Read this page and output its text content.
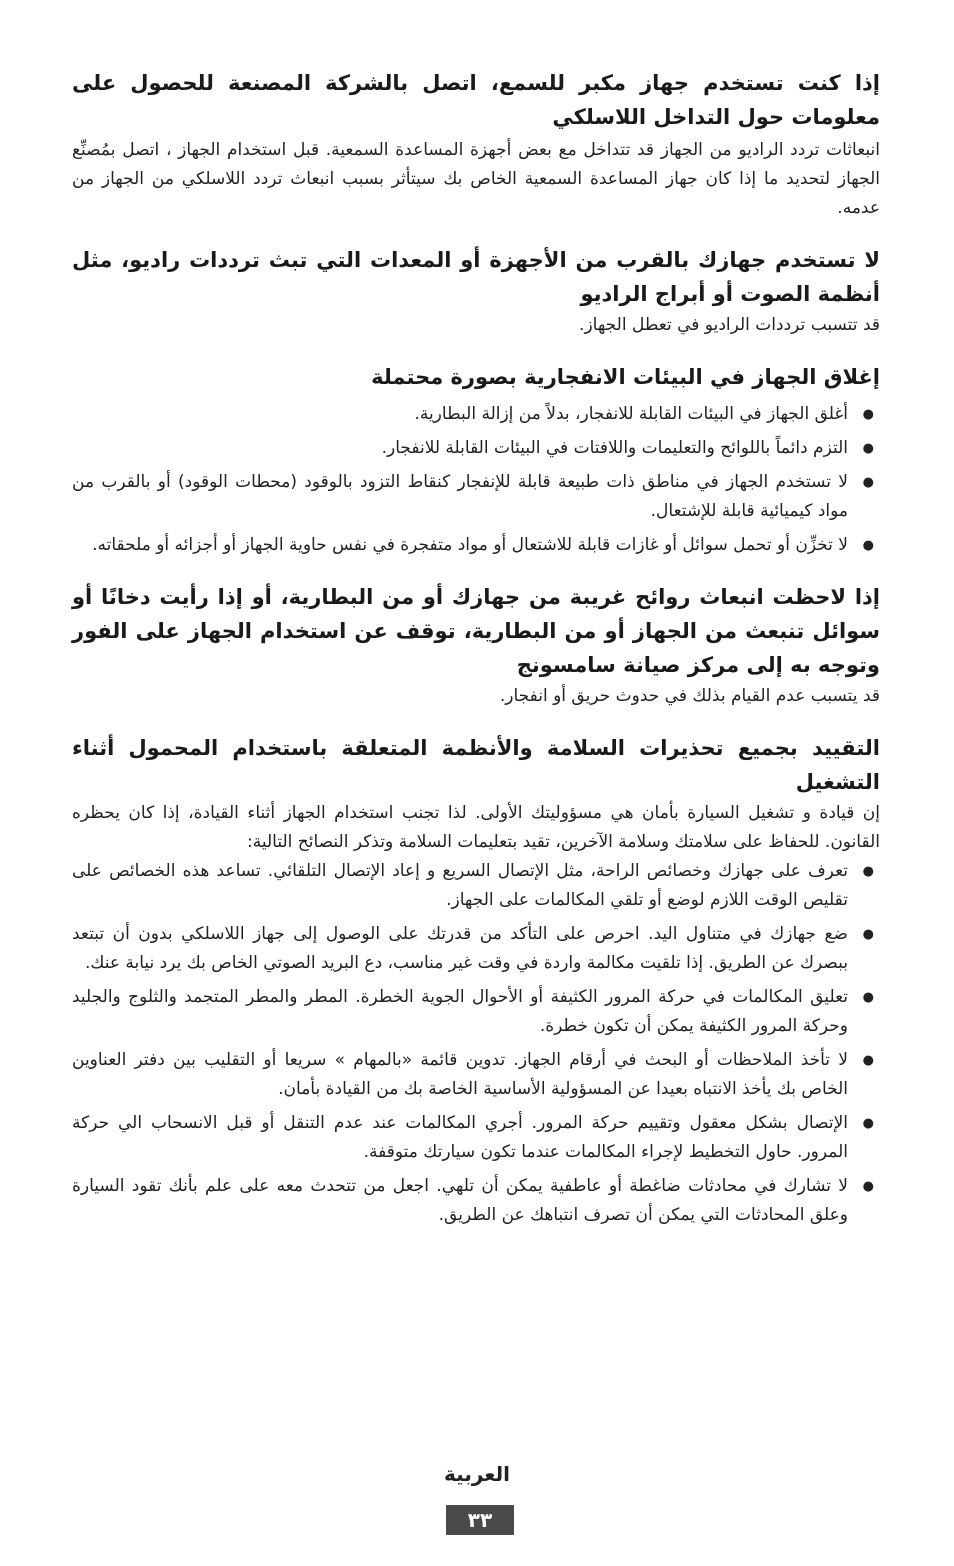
إذا كنت تستخدم جهاز مكبر للسمع، اتصل بالشركة المصنعة للحصول على معلومات حول التداخل اللاسلكي

انبعاثات تردد الراديو من الجهاز قد تتداخل مع بعض أجهزة المساعدة السمعية. قبل استخدام الجهاز ، اتصل بمُصنِّع الجهاز لتحديد ما إذا كان جهاز المساعدة السمعية الخاص بك سيتأثر بسبب انبعاث تردد اللاسلكي من الجهاز من عدمه.

لا تستخدم جهازك بالقرب من الأجهزة أو المعدات التي تبث ترددات راديو، مثل أنظمة الصوت أو أبراج الراديو

قد تتسبب ترددات الراديو في تعطل الجهاز.

إغلاق الجهاز في البيئات الانفجارية بصورة محتملة

●
أغلق الجهاز في البيئات القابلة للانفجار، بدلاً من إزالة البطارية.
●
التزم دائماً باللوائح والتعليمات واللافتات في البيئات القابلة للانفجار.
●
لا تستخدم الجهاز في مناطق ذات طبيعة قابلة للإنفجار كنقاط التزود بالوقود (محطات الوقود) أو بالقرب من مواد كيميائية قابلة للإشتعال.
●
لا تخزِّن أو تحمل سوائل أو غازات قابلة للاشتعال أو مواد متفجرة في نفس حاوية الجهاز أو أجزائه أو ملحقاته.

إذا لاحظت انبعاث روائح غريبة من جهازك أو من البطارية، أو إذا رأيت دخانًا أو سوائل تنبعث من الجهاز أو من البطارية، توقف عن استخدام الجهاز على الفور وتوجه به إلى مركز صيانة سامسونج

قد يتسبب عدم القيام بذلك في حدوث حريق أو انفجار.

التقييد بجميع تحذيرات السلامة والأنظمة المتعلقة باستخدام المحمول أثناء التشغيل

إن قيادة و تشغيل السيارة بأمان هي مسؤوليتك الأولى. لذا تجنب استخدام الجهاز أثناء القيادة، إذا كان يحظره القانون. للحفاظ على سلامتك وسلامة الآخرين، تقيد بتعليمات السلامة وتذكر النصائح التالية:

●
تعرف على جهازك وخصائص الراحة، مثل الإتصال السريع و إعاد الإتصال التلقائي. تساعد هذه الخصائص على تقليص الوقت اللازم لوضع أو تلقي المكالمات على الجهاز.
●
ضع جهازك في متناول اليد. احرص على التأكد من قدرتك على الوصول إلى جهاز اللاسلكي بدون أن تبتعد ببصرك عن الطريق. إذا تلقيت مكالمة واردة في وقت غير مناسب، دع البريد الصوتي الخاص بك يرد نيابة عنك.
●
تعليق المكالمات في حركة المرور الكثيفة أو الأحوال الجوية الخطرة. المطر والمطر المتجمد والثلوج والجليد وحركة المرور الكثيفة يمكن أن تكون خطرة.
●
لا تأخذ الملاحظات أو البحث في أرقام الجهاز. تدوين قائمة «بالمهام » سريعا أو التقليب بين دفتر العناوين الخاص بك يأخذ الانتباه بعيدا عن المسؤولية الأساسية الخاصة بك من القيادة بأمان.
●
الإتصال بشكل معقول وتقييم حركة المرور. أجري المكالمات عند عدم التنقل أو قبل الانسحاب الي حركة المرور. حاول التخطيط لإجراء المكالمات عندما تكون سيارتك متوقفة.
●
لا تشارك في محادثات ضاغطة أو عاطفية يمكن أن تلهي. اجعل من تتحدث معه على علم بأنك تقود السيارة وعلق المحادثات التي يمكن أن تصرف انتباهك عن الطريق.
العربية
٣٣
